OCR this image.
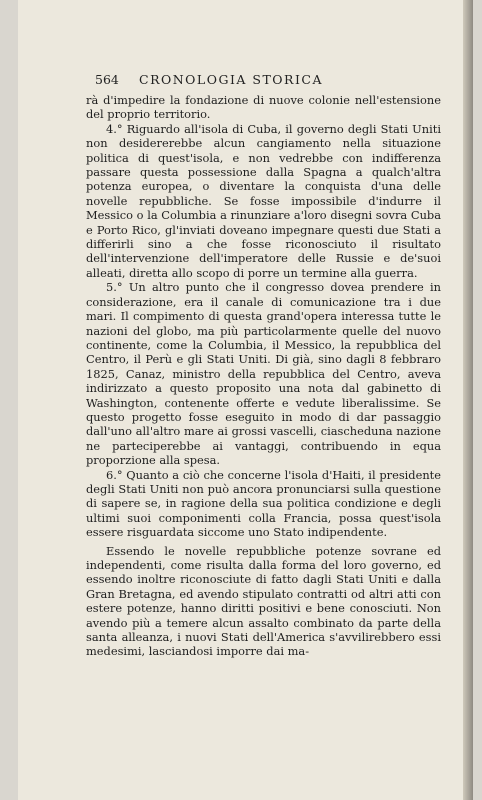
564	CRONOLOGIA STORICA

rà d'impedire la fondazione di nuove colonie nell'estensione del proprio territorio.

4.° Riguardo all'isola di Cuba, il governo degli Stati Uniti non desidererebbe alcun cangiamento nella situazione politica di quest'isola, e non vedrebbe con indifferenza passare questa possessione dalla Spagna a qualch'altra potenza europea, o diventare la conquista d'una delle novelle repubbliche. Se fosse impossibile d'indurre il Messico o la Columbia a rinunziare a'loro disegni sovra Cuba e Porto Rico, gl'inviati doveano impegnare questi due Stati a differirli sino a che fosse riconosciuto il risultato dell'intervenzione dell'imperatore delle Russie e de'suoi alleati, diretta allo scopo di porre un termine alla guerra.

5.° Un altro punto che il congresso dovea prendere in considerazione, era il canale di comunicazione tra i due mari. Il compimento di questa grand'opera interessa tutte le nazioni del globo, ma più particolarmente quelle del nuovo continente, come la Columbia, il Messico, la repubblica del Centro, il Perù e gli Stati Uniti. Di già, sino dagli 8 febbraro 1825, Canaz, ministro della repubblica del Centro, aveva indirizzato a questo proposito una nota dal gabinetto di Washington, contenente offerte e vedute liberalissime. Se questo progetto fosse eseguito in modo di dar passaggio dall'uno all'altro mare ai grossi vascelli, ciascheduna nazione ne parteciperebbe ai vantaggi, contribuendo in equa proporzione alla spesa.

6.° Quanto a ciò che concerne l'isola d'Haiti, il presidente degli Stati Uniti non può ancora pronunciarsi sulla questione di sapere se, in ragione della sua politica condizione e degli ultimi suoi componimenti colla Francia, possa quest'isola essere risguardata siccome uno Stato indipendente.

Essendo le novelle repubbliche potenze sovrane ed independenti, come risulta dalla forma del loro governo, ed essendo inoltre riconosciute di fatto dagli Stati Uniti e dalla Gran Bretagna, ed avendo stipulato contratti od altri atti con estere potenze, hanno diritti positivi e bene conosciuti. Non avendo più a temere alcun assalto combinato da parte della santa alleanza, i nuovi Stati dell'America s'avvilirebbero essi medesimi, lasciandosi imporre dai ma-
